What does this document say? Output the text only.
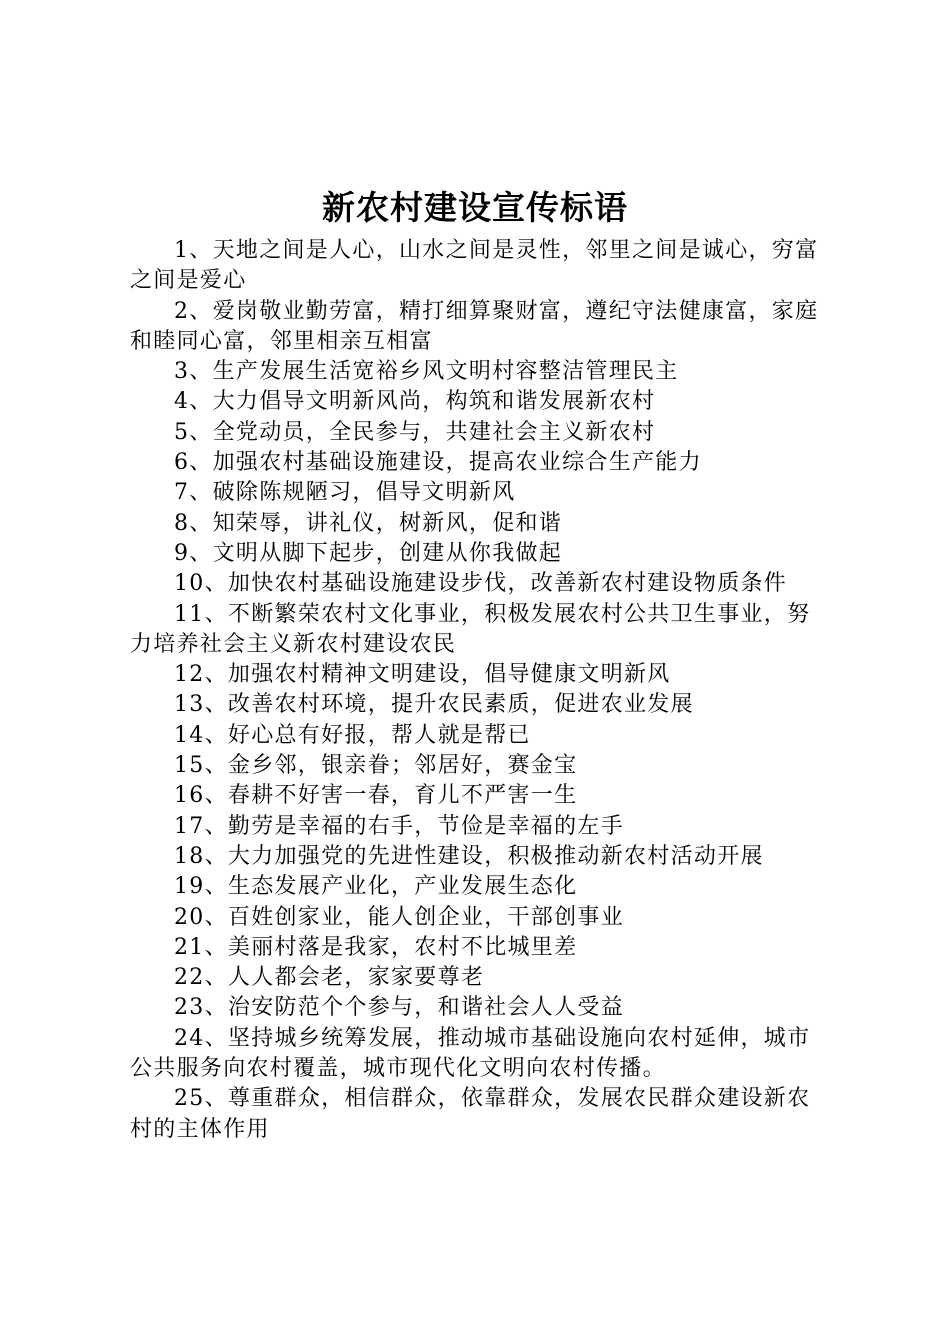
新农村建设宣传标语

1、天地之间是人心，山水之间是灵性，邻里之间是诚心，穷富之间是爱心

2、爱岗敬业勤劳富，精打细算聚财富，遵纪守法健康富，家庭和睦同心富，邻里相亲互相富

3、生产发展生活宽裕乡风文明村容整洁管理民主

4、大力倡导文明新风尚，构筑和谐发展新农村

5、全党动员，全民参与，共建社会主义新农村

6、加强农村基础设施建设，提高农业综合生产能力

7、破除陈规陋习，倡导文明新风

8、知荣辱，讲礼仪，树新风，促和谐

9、文明从脚下起步，创建从你我做起

10、加快农村基础设施建设步伐，改善新农村建设物质条件

11、不断繁荣农村文化事业，积极发展农村公共卫生事业，努力培养社会主义新农村建设农民

12、加强农村精神文明建设，倡导健康文明新风

13、改善农村环境，提升农民素质，促进农业发展

14、好心总有好报，帮人就是帮已

15、金乡邻，银亲眷；邻居好，赛金宝

16、春耕不好害一春，育儿不严害一生

17、勤劳是幸福的右手，节俭是幸福的左手

18、大力加强党的先进性建设，积极推动新农村活动开展

19、生态发展产业化，产业发展生态化

20、百姓创家业，能人创企业，干部创事业

21、美丽村落是我家，农村不比城里差

22、人人都会老，家家要尊老

23、治安防范个个参与，和谐社会人人受益

24、坚持城乡统筹发展，推动城市基础设施向农村延伸，城市公共服务向农村覆盖，城市现代化文明向农村传播。

25、尊重群众，相信群众，依靠群众，发展农民群众建设新农村的主体作用
